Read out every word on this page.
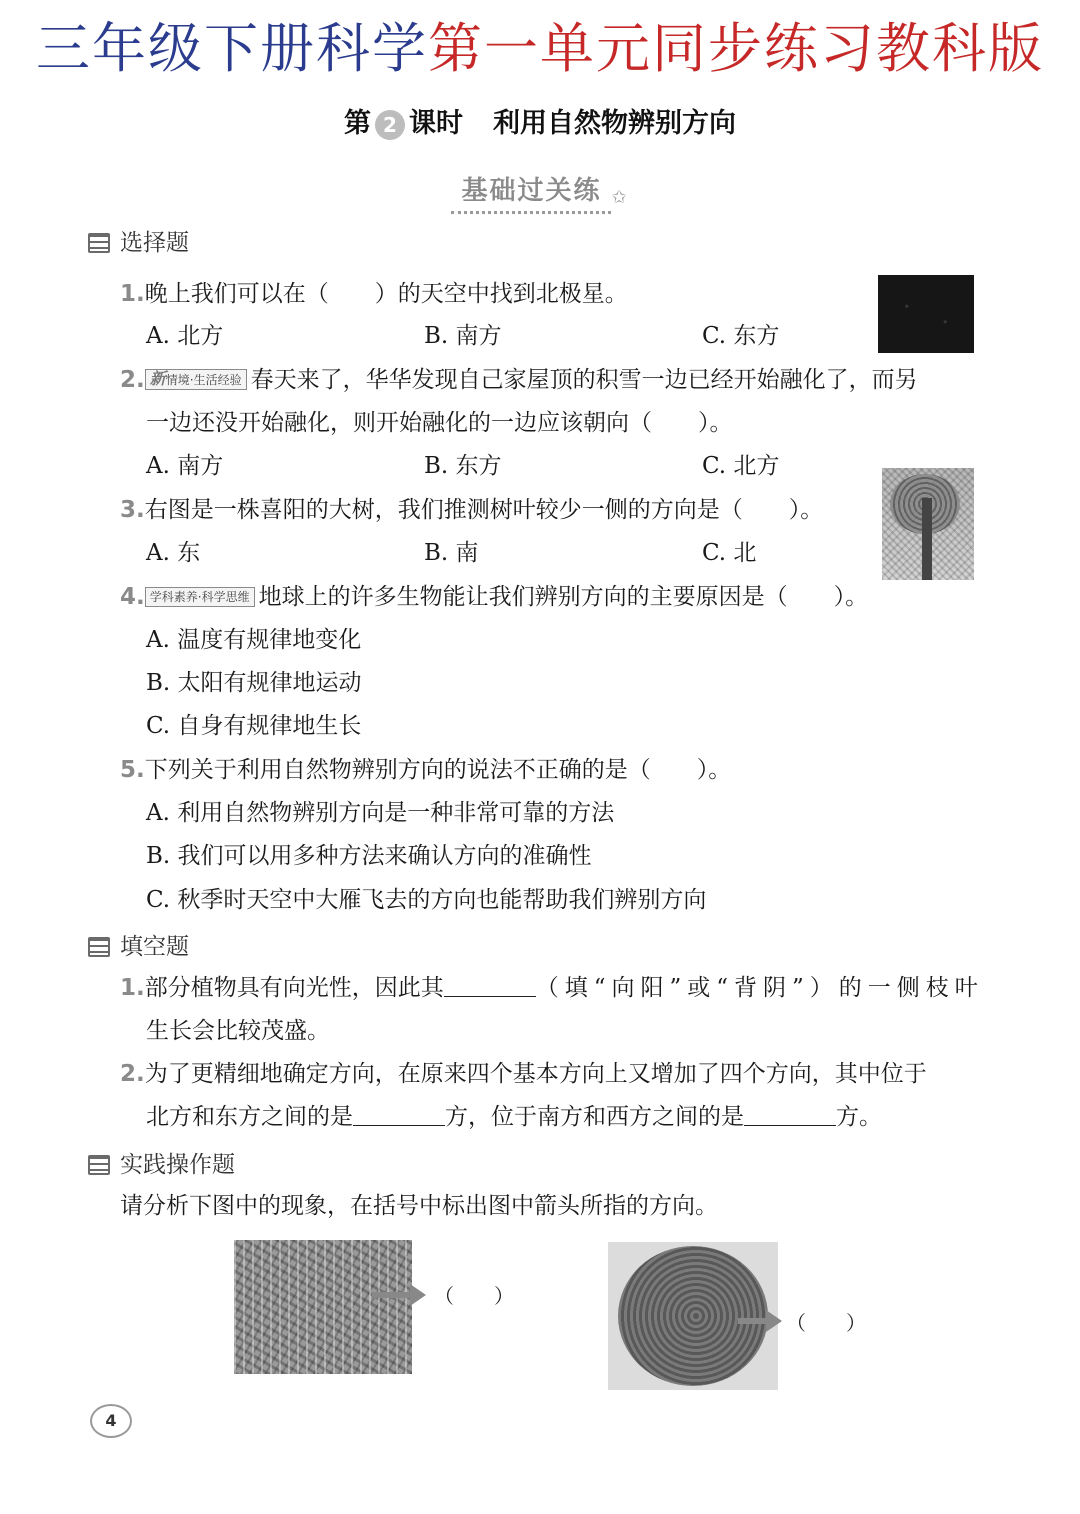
三年级下册科学第一单元同步练习教科版
第 2 课时 利用自然物辨别方向
基础过关练 ✩
选择题
1.晚上我们可以在（　　）的天空中找到北极星。
A. 北方	B. 南方	C. 东方
2. 新情境·生活经验 春天来了，华华发现自己家屋顶的积雪一边已经开始融化了，而另
一边还没开始融化，则开始融化的一边应该朝向（　　）。
A. 南方	B. 东方	C. 北方
3.右图是一株喜阳的大树，我们推测树叶较少一侧的方向是（　　）。
A. 东	B. 南	C. 北
4. 学科素养·科学思维 地球上的许多生物能让我们辨别方向的主要原因是（　　）。
A. 温度有规律地变化
B. 太阳有规律地运动
C. 自身有规律地生长
5.下列关于利用自然物辨别方向的说法不正确的是（　　）。
A. 利用自然物辨别方向是一种非常可靠的方法
B. 我们可以用多种方法来确认方向的准确性
C. 秋季时天空中大雁飞去的方向也能帮助我们辨别方向
填空题
1.部分植物具有向光性，因此其	（填“向阳”或“背阴”）的一侧枝叶
生长会比较茂盛。
2.为了更精细地确定方向，在原来四个基本方向上又增加了四个方向，其中位于
北方和东方之间的是	方，位于南方和西方之间的是	方。
实践操作题
请分析下图中的现象，在括号中标出图中箭头所指的方向。
（　　）
（　　）
4
